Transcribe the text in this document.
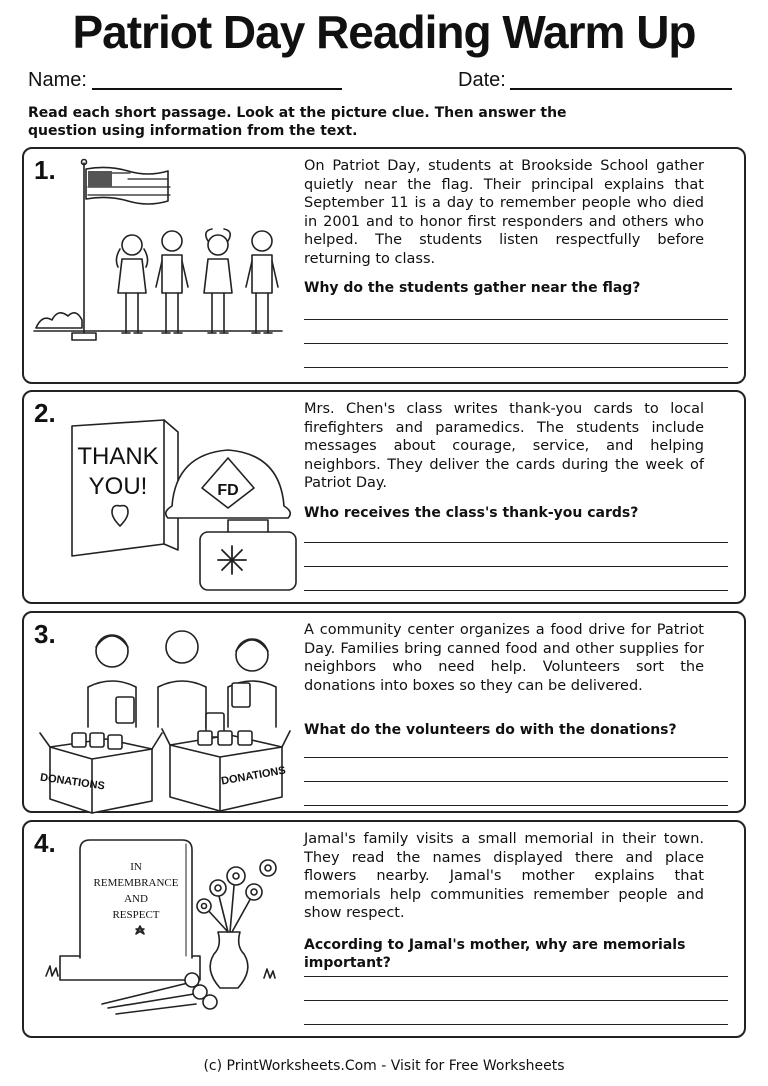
Patriot Day Reading Warm Up
Name:	Date:
Read each short passage. Look at the picture clue. Then answer the question using information from the text.
1.	On Patriot Day, students at Brookside School gather quietly near the flag. Their principal explains that September 11 is a day to remember people who died in 2001 and to honor first responders and others who helped. The students listen respectfully before returning to class.
Why do the students gather near the flag?
2.
THANK
YOU!	FD
Mrs. Chen's class writes thank-you cards to local firefighters and paramedics. The students include messages about courage, service, and helping neighbors. They deliver the cards during the week of Patriot Day.
Who receives the class's thank-you cards?
3.
DONATIONS	DONATIONS
A community center organizes a food drive for Patriot Day. Families bring canned food and other supplies for neighbors who need help. Volunteers sort the donations into boxes so they can be delivered.
What do the volunteers do with the donations?
4.
IN
REMEMBRANCE
AND
RESPECT
Jamal's family visits a small memorial in their town. They read the names displayed there and place flowers nearby. Jamal's mother explains that memorials help communities remember people and show respect.
According to Jamal's mother, why are memorials important?
(c) PrintWorksheets.Com - Visit for Free Worksheets
